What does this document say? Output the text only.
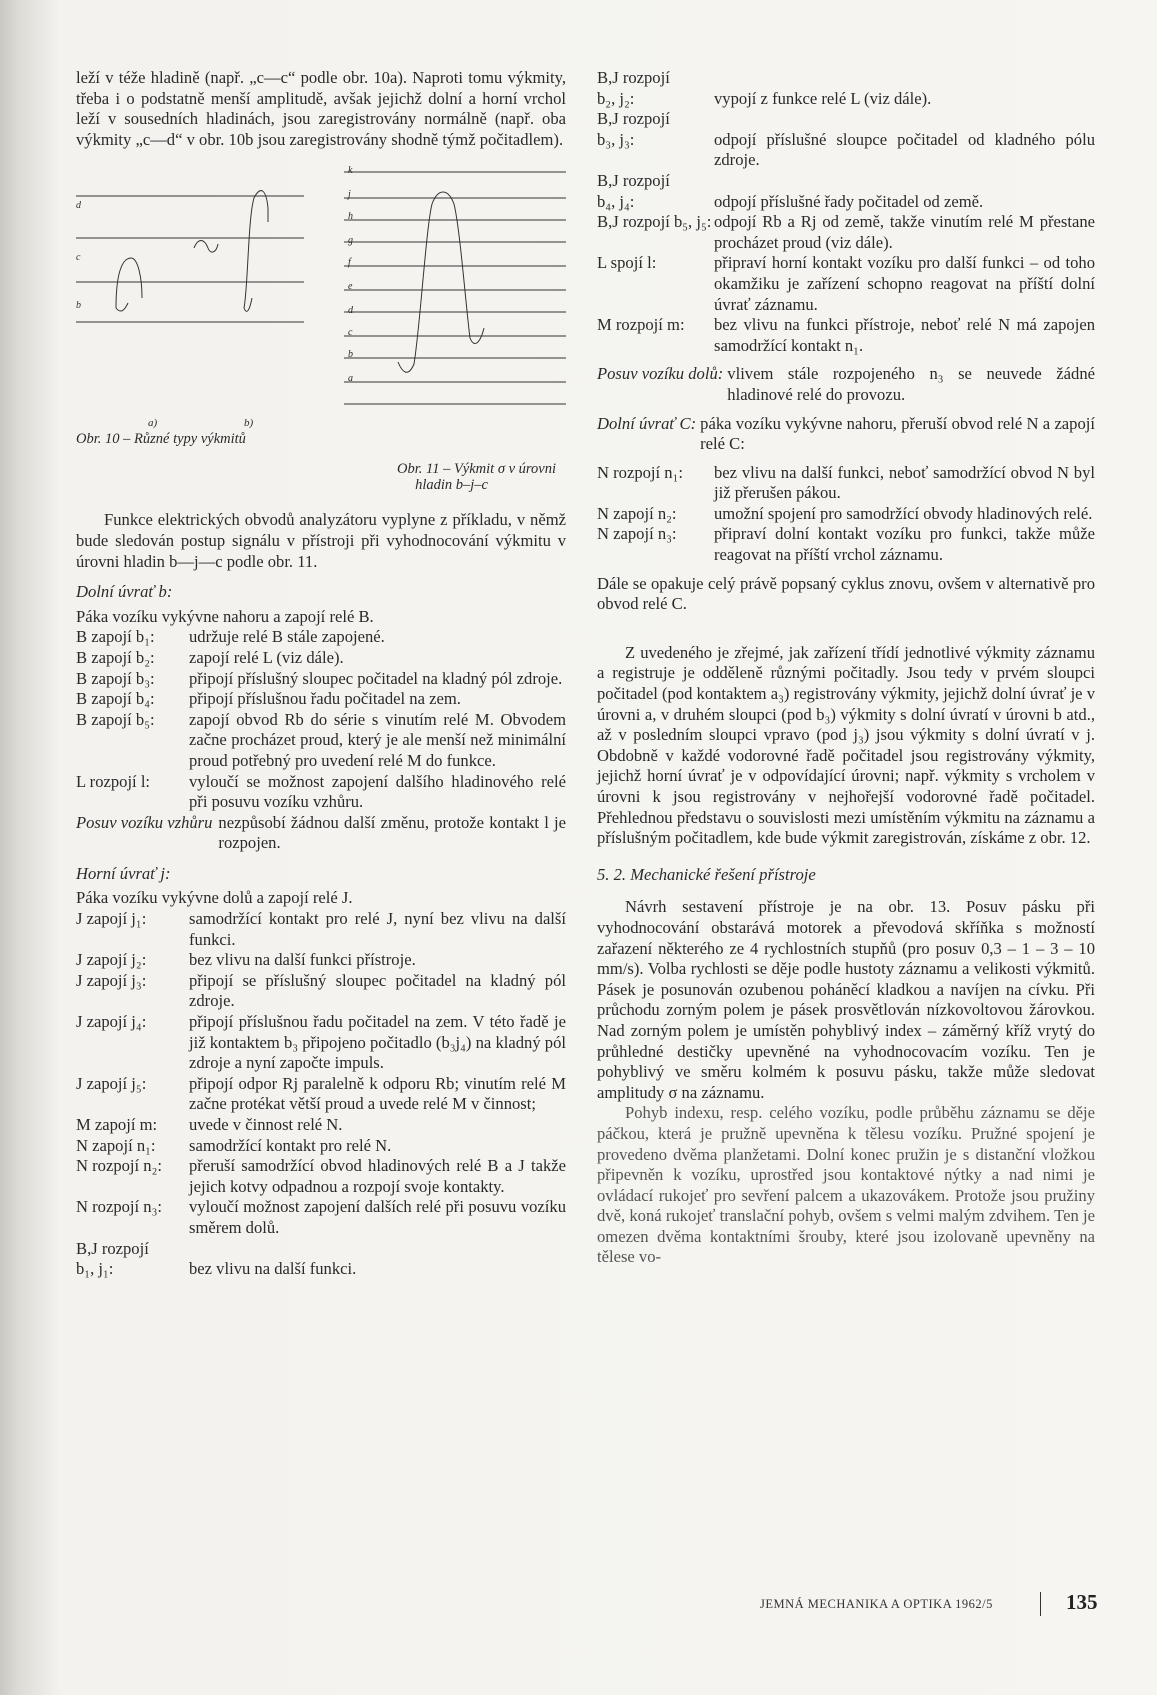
leží v téže hladině (např. „c—c“ podle obr. 10a). Naproti tomu výkmity, třeba i o podstatně menší amplitudě, avšak jejichž dolní a horní vrchol leží v sousedních hladinách, jsou zaregistrovány normálně (např. oba výkmity „c—d“ v obr. 10b jsou zaregistrovány shodně týmž počitadlem).

d
c
b
Obr. 10 – Různé typy výkmitů
a)	b)
k
j
h
g
f
e
d
c
b
a
Obr. 11 – Výkmit σ v úrovni
hladin b–j–c

Funkce elektrických obvodů analyzátoru vyplyne z příkladu, v němž bude sledován postup signálu v přístroji při vyhodnocování výkmitu v úrovni hladin b—j—c podle obr. 11.

Dolní úvrať b:

Páka vozíku vykývne nahoru a zapojí relé B.

B zapojí b₁:	udržuje relé B stále zapojené.
B zapojí b₂:	zapojí relé L (viz dále).
B zapojí b₃:	připojí příslušný sloupec počitadel na kladný pól zdroje.
B zapojí b₄:	připojí příslušnou řadu počitadel na zem.
B zapojí b₅:	zapojí obvod Rb do série s vinutím relé M. Obvodem začne procházet proud, který je ale menší než minimální proud potřebný pro uvedení relé M do funkce.
L rozpojí l:	vyloučí se možnost zapojení dalšího hladinového relé při posuvu vozíku vzhůru.
Posuv vozíku vzhůru nezpůsobí žádnou další změnu, protože kontakt l je rozpojen.
Horní úvrať j:

Páka vozíku vykývne dolů a zapojí relé J.

J zapojí j₁:	samodržící kontakt pro relé J, nyní bez vlivu na další funkci.
J zapojí j₂:	bez vlivu na další funkci přístroje.
J zapojí j₃:	připojí se příslušný sloupec počitadel na kladný pól zdroje.
J zapojí j₄:	připojí příslušnou řadu počitadel na zem. V této řadě je již kontaktem b₃ připojeno počitadlo (b₃j₄) na kladný pól zdroje a nyní započte impuls.
J zapojí j₅:	připojí odpor Rj paralelně k odporu Rb; vinutím relé M začne protékat větší proud a uvede relé M v činnost;
M zapojí m:	uvede v činnost relé N.
N zapojí n₁:	samodržící kontakt pro relé N.
N rozpojí n₂:	přeruší samodržící obvod hladinových relé B a J takže jejich kotvy odpadnou a rozpojí svoje kontakty.
N rozpojí n₃:	vyloučí možnost zapojení dalších relé při posuvu vozíku směrem dolů.
B,J rozpojí
b₁, j₁:	bez vlivu na další funkci.
B,J rozpojí
b₂, j₂:	vypojí z funkce relé L (viz dále).
B,J rozpojí
b₃, j₃:	odpojí příslušné sloupce počitadel od kladného pólu zdroje.
B,J rozpojí
b₄, j₄:	odpojí příslušné řady počitadel od země.
B,J rozpojí b₅, j₅: odpojí Rb a Rj od země, takže vinutím relé M přestane procházet proud (viz dále).
L spojí l:	připraví horní kontakt vozíku pro další funkci – od toho okamžiku je zařízení schopno reagovat na příští dolní úvrať záznamu.
M rozpojí m:	bez vlivu na funkci přístroje, neboť relé N má zapojen samodržící kontakt n₁.
Posuv vozíku dolů: vlivem stále rozpojeného n₃ se neuvede žádné hladinové relé do provozu.
Dolní úvrať C: páka vozíku vykývne nahoru, přeruší obvod relé N a zapojí relé C:
N rozpojí n₁:	bez vlivu na další funkci, neboť samodržící obvod N byl již přerušen pákou.
N zapojí n₂:	umožní spojení pro samodržící obvody hladinových relé.
N zapojí n₃:	připraví dolní kontakt vozíku pro funkci, takže může reagovat na příští vrchol záznamu.

Dále se opakuje celý právě popsaný cyklus znovu, ovšem v alternativě pro obvod relé C.

Z uvedeného je zřejmé, jak zařízení třídí jednotlivé výkmity záznamu a registruje je odděleně různými počitadly. Jsou tedy v prvém sloupci počitadel (pod kontaktem a₃) registrovány výkmity, jejichž dolní úvrať je v úrovni a, v druhém sloupci (pod b₃) výkmity s dolní úvratí v úrovni b atd., až v posledním sloupci vpravo (pod j₃) jsou výkmity s dolní úvratí v j. Obdobně v každé vodorovné řadě počitadel jsou registrovány výkmity, jejichž horní úvrať je v odpovídající úrovni; např. výkmity s vrcholem v úrovni k jsou registrovány v nejhořejší vodorovné řadě počitadel. Přehlednou představu o souvislosti mezi umístěním výkmitu na záznamu a příslušným počitadlem, kde bude výkmit zaregistrován, získáme z obr. 12.

5. 2. Mechanické řešení přístroje

Návrh sestavení přístroje je na obr. 13. Posuv pásku při vyhodnocování obstarává motorek a převodová skříňka s možností zařazení některého ze 4 rychlostních stupňů (pro posuv 0,3 – 1 – 3 – 10 mm/s). Volba rychlosti se děje podle hustoty záznamu a velikosti výkmitů. Pásek je posunován ozubenou poháněcí kladkou a navíjen na cívku. Při průchodu zorným polem je pásek prosvětlován nízkovoltovou žárovkou. Nad zorným polem je umístěn pohyblivý index – záměrný kříž vrytý do průhledné destičky upevněné na vyhodnocovacím vozíku. Ten je pohyblivý ve směru kolmém k posuvu pásku, takže může sledovat amplitudy σ na záznamu.

Pohyb indexu, resp. celého vozíku, podle průběhu záznamu se děje páčkou, která je pružně upevněna k tělesu vozíku. Pružné spojení je provedeno dvěma planžetami. Dolní konec pružin je s distanční vložkou připevněn k vozíku, uprostřed jsou kontaktové nýtky a nad nimi je ovládací rukojeť pro sevření palcem a ukazovákem. Protože jsou pružiny dvě, koná rukojeť translační pohyb, ovšem s velmi malým zdvihem. Ten je omezen dvěma kontaktními šrouby, které jsou izolovaně upevněny na tělese vo-

JEMNÁ MECHANIKA A OPTIKA 1962/5	135
